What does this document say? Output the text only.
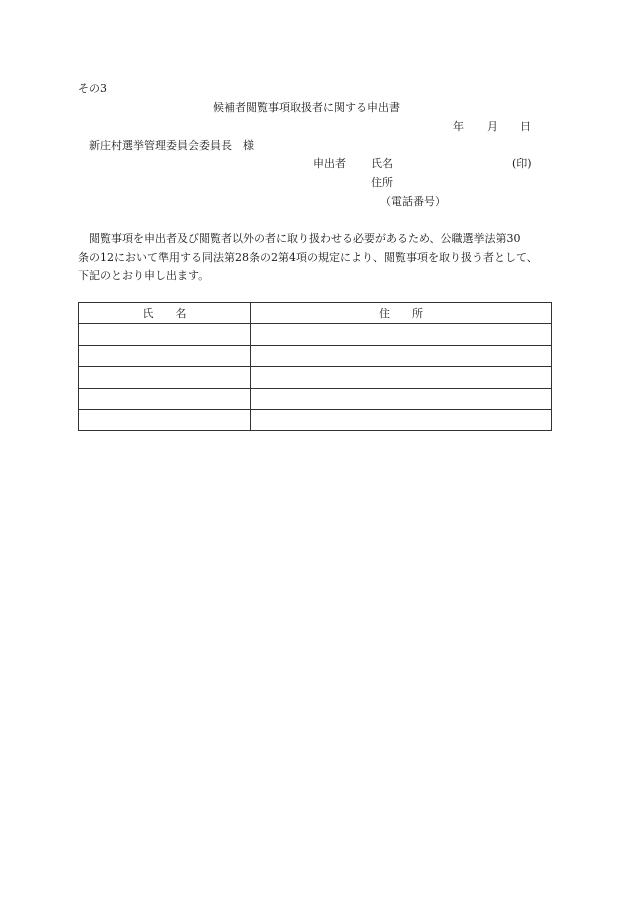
その3
候補者閲覧事項取扱者に関する申出書
年 月 日
新庄村選挙管理委員会委員長　様
申出者 氏名	(印)
住所
（電話番号）
　閲覧事項を申出者及び閲覧者以外の者に取り扱わせる必要があるため、公職選挙法第30
条の12において準用する同法第28条の2第4項の規定により、閲覧事項を取り扱う者として、
下記のとおり申し出ます。
氏　　名	住　　所
